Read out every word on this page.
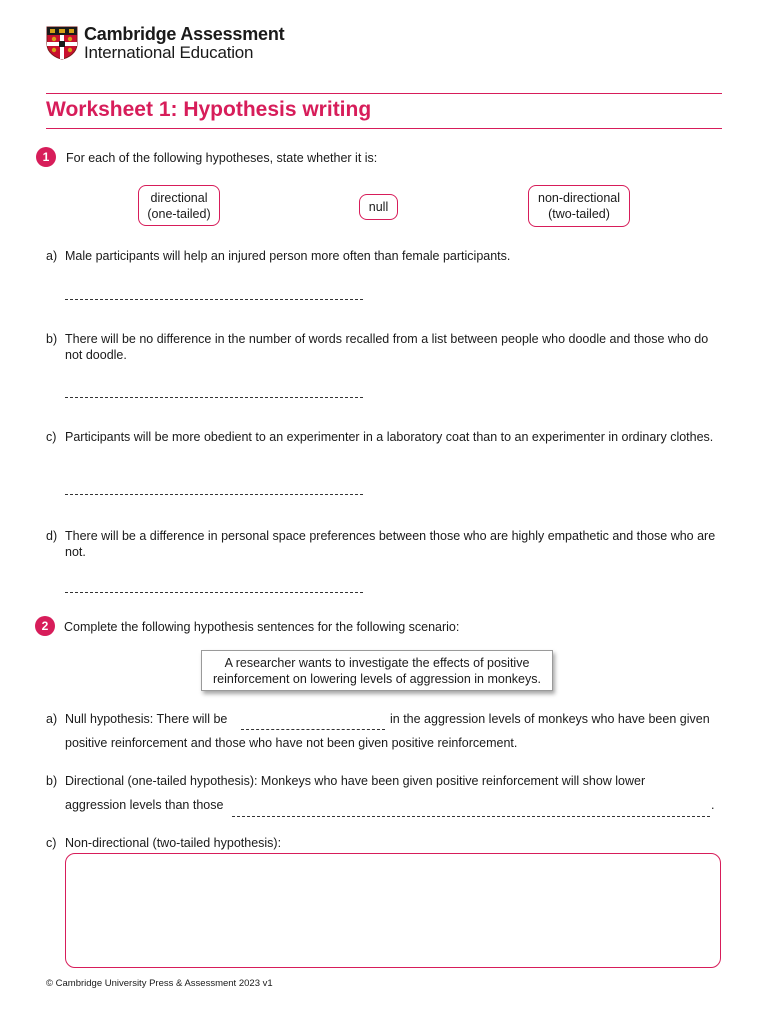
Cambridge Assessment
International Education
Worksheet 1: Hypothesis writing
1	For each of the following hypotheses, state whether it is:
directional
(one-tailed)	null
non-directional
(two-tailed)
a) Male participants will help an injured person more often than female participants.
b) There will be no difference in the number of words recalled from a list between people who doodle and those who do not doodle.
c) Participants will be more obedient to an experimenter in a laboratory coat than to an experimenter in ordinary clothes.
d) There will be a difference in personal space preferences between those who are highly empathetic and those who are not.
2	Complete the following hypothesis sentences for the following scenario:
A researcher wants to investigate the effects of positive reinforcement on lowering levels of aggression in monkeys.
a) Null hypothesis: There will be	in the aggression levels of monkeys who have been given
positive reinforcement and those who have not been given positive reinforcement.
b) Directional (one-tailed hypothesis): Monkeys who have been given positive reinforcement will show lower
aggression levels than those	.
c) Non-directional (two-tailed hypothesis):
© Cambridge University Press & Assessment 2023 v1
